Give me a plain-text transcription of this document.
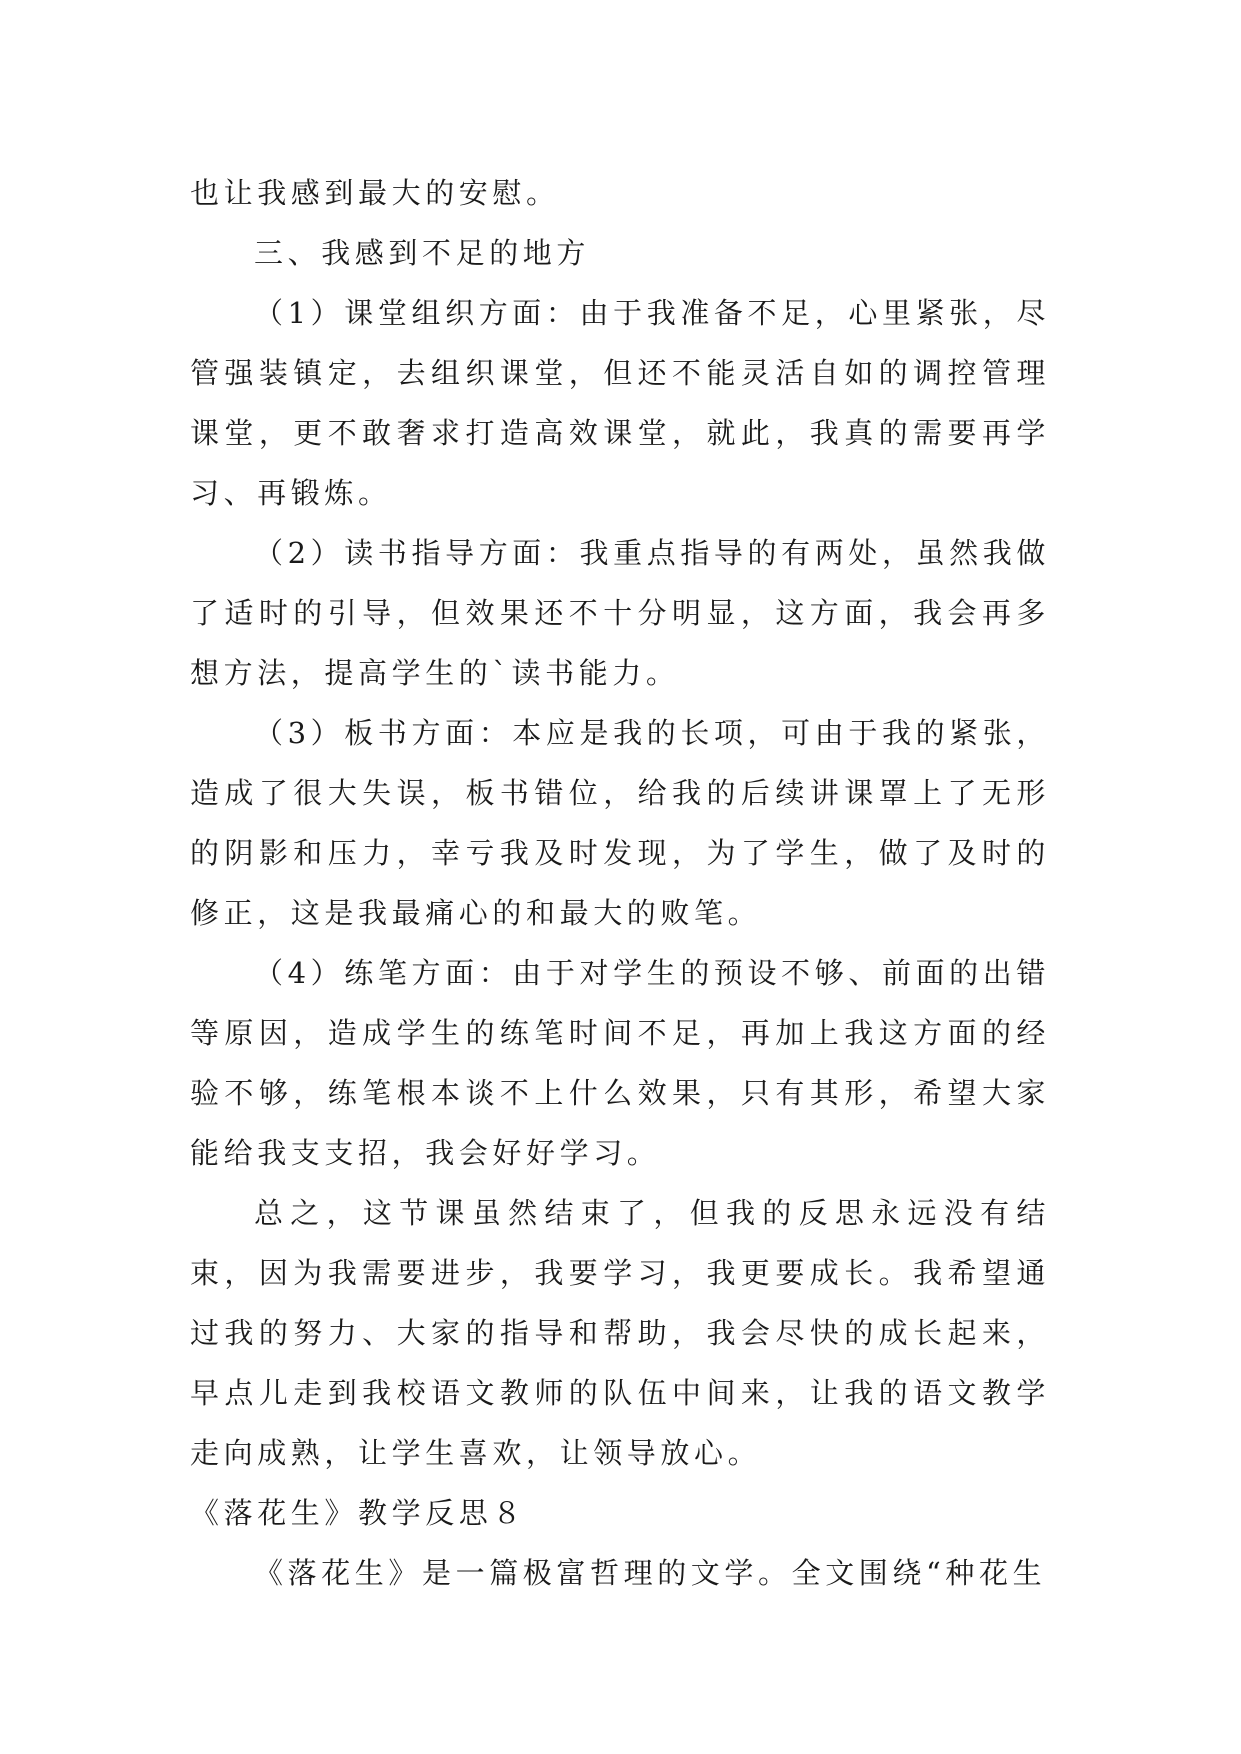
也让我感到最大的安慰。

三、我感到不足的地方

（1）课堂组织方面：由于我准备不足，心里紧张，尽管强装镇定，去组织课堂，但还不能灵活自如的调控管理课堂，更不敢奢求打造高效课堂，就此，我真的需要再学习、再锻炼。

（2）读书指导方面：我重点指导的有两处，虽然我做了适时的引导，但效果还不十分明显，这方面，我会再多想方法，提高学生的`读书能力。

（3）板书方面：本应是我的长项，可由于我的紧张，造成了很大失误，板书错位，给我的后续讲课罩上了无形的阴影和压力，幸亏我及时发现，为了学生，做了及时的修正，这是我最痛心的和最大的败笔。

（4）练笔方面：由于对学生的预设不够、前面的出错等原因，造成学生的练笔时间不足，再加上我这方面的经验不够，练笔根本谈不上什么效果，只有其形，希望大家能给我支支招，我会好好学习。

总之，这节课虽然结束了，但我的反思永远没有结束，因为我需要进步，我要学习，我更要成长。我希望通过我的努力、大家的指导和帮助，我会尽快的成长起来，早点儿走到我校语文教师的队伍中间来，让我的语文教学走向成熟，让学生喜欢，让领导放心。

《落花生》教学反思８

《落花生》是一篇极富哲理的文学。全文围绕“种花生
